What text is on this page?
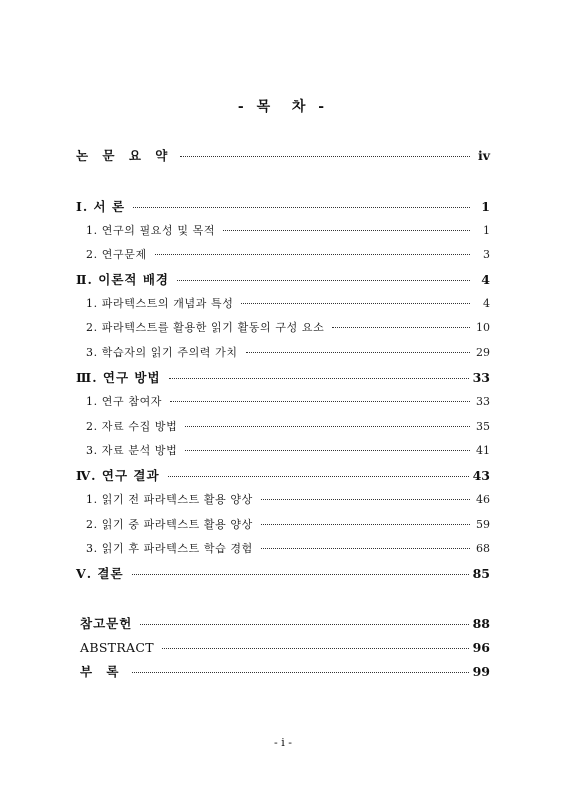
- 목  차 -
논 문 요 약	ⅳ
Ⅰ. 서 론	1
1. 연구의 필요성 및 목적	1
2. 연구문제	3
Ⅱ. 이론적 배경	4
1. 파라텍스트의 개념과 특성	4
2. 파라텍스트를 활용한 읽기 활동의 구성 요소	10
3. 학습자의 읽기 주의력 가치	29
Ⅲ. 연구 방법	33
1. 연구 참여자	33
2. 자료 수집 방법	35
3. 자료 분석 방법	41
Ⅳ. 연구 결과	43
1. 읽기 전 파라텍스트 활용 양상	46
2. 읽기 중 파라텍스트 활용 양상	59
3. 읽기 후 파라텍스트 학습 경험	68
Ⅴ. 결론	85
참고문헌	88
ABSTRACT	96
부 록	99
- i -
